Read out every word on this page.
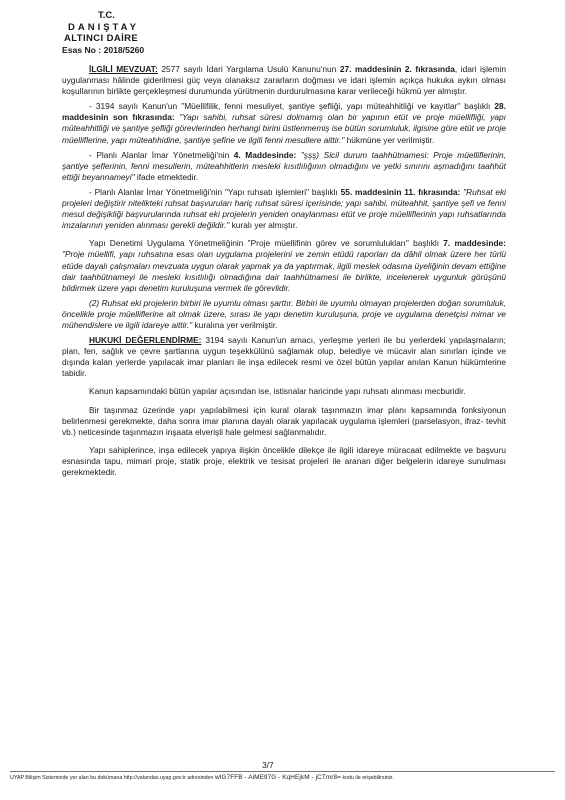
T.C.
DANIŞTAY
ALTINCI DAİRE
Esas No : 2018/5260

İLGİLİ MEVZUAT: 2577 sayılı İdari Yargılama Usulü Kanunu'nun 27. maddesinin 2. fıkrasında, idari işlemin uygulanması hâlinde giderilmesi güç veya olanaksız zararların doğması ve idari işlemin açıkça hukuka aykırı olması koşullarının birlikte gerçekleşmesi durumunda yürütmenin durdurulmasına karar verileceği hükmü yer almıştır.

- 3194 sayılı Kanun'un "Müellifilik, fenni mesuliyet, şantiye şefliği, yapı müteahhitliği ve kayıtlar" başlıklı 28. maddesinin son fıkrasında: "Yapı sahibi, ruhsat süresi dolmamış olan bir yapının etüt ve proje müellifliği, yapı müteahhitliği ve şantiye şefliği görevlerinden herhangi birini üstlenmemiş ise bütün sorumluluk, ilgisine göre etüt ve proje müelliflerine, yapı müteahhidine, şantiye şefine ve ilgili fenni mesullere aittir." hükmüne yer verilmiştir.

- Planlı Alanlar İmar Yönetmeliği'nin 4. Maddesinde: "şşş) Sicil durum taahhütnamesi: Proje müelliflerinin, şantiye şeflerinin, fenni mesullerin, müteahhitlerin mesleki kısıtlılığının olmadığını ve yetki sınırını aşmadığını taahhüt ettiği beyannameyi" ifade etmektedir.

- Planlı Alanlar İmar Yönetmeliği'nin "Yapı ruhsatı işlemleri" başlıklı 55. maddesinin 11. fıkrasında: "Ruhsat eki projeleri değiştirir nitelikteki ruhsat başvuruları hariç ruhsat süresi içerisinde; yapı sahibi, müteahhit, şantiye şefi ve fenni mesul değişikliği başvurularında ruhsat eki projelerin yeniden onaylanması etüt ve proje müelliflerinin yapı ruhsatlarında imzalarının yeniden alınması gerekli değildir." kuralı yer almıştır.

Yapı Denetimi Uygulama Yönetmeliğinin "Proje müellifinin görev ve sorumlulukları" başlıklı 7. maddesinde: "Proje müellifi, yapı ruhsatına esas olan uygulama projelerini ve zemin etüdü raporları da dâhil olmak üzere her türlü etüde dayalı çalışmaları mevzuata uygun olarak yapmak ya da yaptırmak, ilgili meslek odasına üyeliğinin devam ettiğine dair taahhütnameyi ile mesleki kısıtlılığı olmadığına dair taahhütnamesi ile birlikte, incelenerek uygunluk görüşünü bildirmek üzere yapı denetim kuruluşuna vermek ile görevlidir.

(2) Ruhsat eki projelerin birbiri ile uyumlu olması şarttır. Birbiri ile uyumlu olmayan projelerden doğan sorumluluk, öncelikle proje müelliflerine ait olmak üzere, sırası ile yapı denetim kuruluşuna, proje ve uygulama denetçisi mimar ve mühendislere ve ilgili idareye aittir." kuralına yer verilmiştir.

HUKUKİ DEĞERLENDİRME: 3194 sayılı Kanun'un amacı, yerleşme yerleri ile bu yerlerdeki yapılaşmaların; plan, fen, sağlık ve çevre şartlarına uygun teşekkülünü sağlamak olup, belediye ve mücavir alan sınırları içinde ve dışında kalan yerlerde yapılacak imar planları ile inşa edilecek resmi ve özel bütün yapılar anılan Kanun hükümlerine tabidir.

Kanun kapsamındaki bütün yapılar açısından ise, istisnalar haricinde yapı ruhsatı alınması mecburidir.

Bir taşınmaz üzerinde yapı yapılabilmesi için kural olarak taşınmazın imar planı kapsamında fonksiyonun belirlenmesi gerekmekte, daha sonra imar planına dayalı olarak yapılacak uygulama işlemleri (parselasyon, ifraz- tevhit vb.) neticesinde taşınmazın inşaata elverişli hale gelmesi sağlanmalıdır.

Yapı sahiplerince, inşa edilecek yapıya ilişkin öncelikle dilekçe ile ilgili idareye müracaat edilmekte ve başvuru esnasında tapu, mimari proje, statik proje, elektrik ve tesisat projeleri ile aranan diğer belgelerin idareye sunulması gerekmektedir.

3/7
UYAP Bilişim Sisteminde yer alan bu dokümana http://vatandas.uyap.gov.tr adresinden wIG7FFB - AiME97G - KqHEjkM - jCTmr8= kodu ile erişebilirsiniz.
